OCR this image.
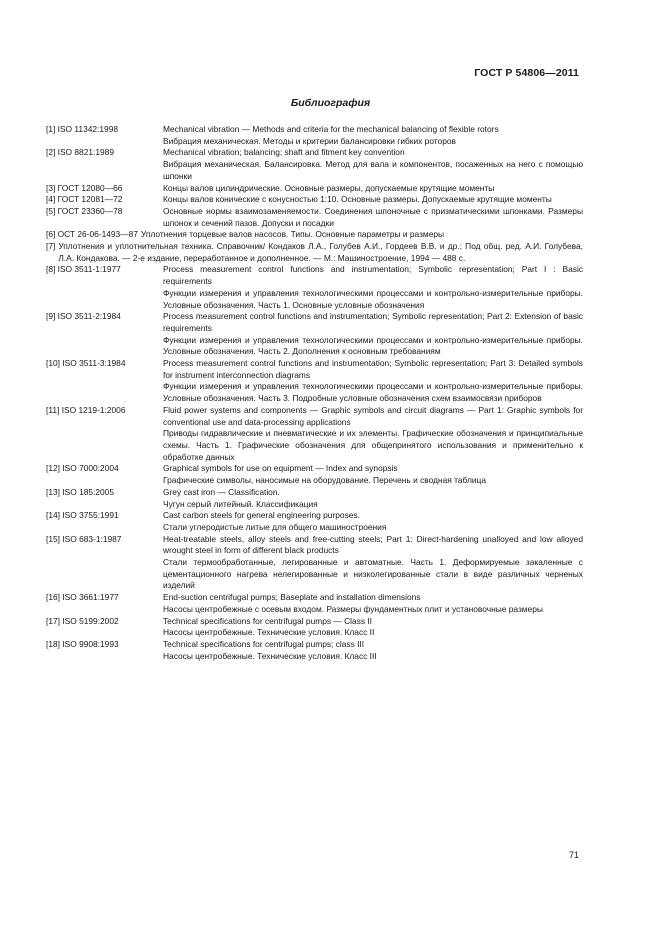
ГОСТ Р 54806—2011
Библиография
[1] ISO 11342:1998	Mechanical vibration — Methods and criteria for the mechanical balancing of flexible rotors

Вибрация механическая. Методы и критерии балансировки гибких роторов

[2] ISO 8821:1989	Mechanical vibration; balancing; shaft and fitment key convention

Вибрация механическая. Балансировка. Метод для вала и компонентов, посаженных на него с помощью шпонки

[3] ГОСТ 12080—66	Концы валов цилиндрические. Основные размеры, допускаемые крутящие моменты

[4] ГОСТ 12081—72	Концы валов конические с конусностью 1:10. Основные размеры. Допускаемые крутящие моменты

[5] ГОСТ 23360—78	Основные нормы взаимозаменяемости. Соединения шпоночные с призматическими шпонками. Размеры шпонок и сечений пазов. Допуски и посадки

[6] ОСТ 26-06-1493—87 Уплотнения торцевые валов насосов. Типы. Основные параметры и размеры

[7] Уплотнения и уплотнительная техника. Справочник/ Кондаков Л.А., Голубев А.И., Гордеев В.В. и др.; Под общ. ред. А.И. Голубева, Л.А. Кондакова. — 2-е издание, переработанное и дополненное. — М.: Машиностроение, 1994 — 488 с.

[8] ISO 3511-1:1977	Process measurement control functions and instrumentation; Symbolic representation; Part I : Basic requirements

Функции измерения и управления технологическими процессами и контрольно-измерительные приборы. Условные обозначения. Часть 1. Основные условные обозначения

[9] ISO 3511-2:1984	Process measurement control functions and instrumentation; Symbolic representation; Part 2: Extension of basic requirements

Функции измерения и управления технологическими процессами и контрольно-измерительные приборы. Условные обозначения. Часть 2. Дополнения к основным требованиям

[10] ISO 3511-3:1984	Process measurement control functions and instrumentation; Symbolic representation; Part 3: Detailed symbols for instrument interconnection diagrams

Функции измерения и управления технологическими процессами и контрольно-измерительные приборы. Условные обозначения. Часть 3. Подробные условные обозначения схем взаимосвязи приборов

[11] ISO 1219-1:2006	Fluid power systems and components — Graphic symbols and circuit diagrams — Part 1: Graphic symbols for conventional use and data-processing applications

Приводы гидравлические и пневматические и их элементы. Графические обозначения и принципиальные схемы. Часть 1. Графические обозначения для общепринятого использования и применительно к обработке данных

[12] ISO 7000:2004	Graphical symbols for use on equipment — Index and synopsis

Графические символы, наносимые на оборудование. Перечень и сводная таблица

[13] ISO 185:2005	Grey cast iron — Classification.

Чугун серый литейный. Классификация

[14] ISO 3755:1991	Cast carbon steels for general engineering purposes.

Стали углеродистые литые для общего машиностроения

[15] ISO 683-1:1987	Heat-treatable steels, alloy steels and free-cutting steels; Part 1: Direct-hardening unalloyed and low alloyed wrought steel in form of different black products

Стали термообработанные, легированные и автоматные. Часть 1. Деформируемые закаленные с цементационного нагрева нелегированные и низколегированные стали в виде различных черненых изделий

[16] ISO 3661:1977	End-suction centrifugal pumps; Baseplate and installation dimensions

Насосы центробежные с осевым входом. Размеры фундаментных плит и установочные размеры

[17] ISO 5199:2002	Technical specifications for centrifugal pumps — Class II

Насосы центробежные. Технические условия. Класс II

[18] ISO 9908:1993	Technical specifications for centrifugal pumps; class III

Насосы центробежные. Технические условия. Класс III

71
